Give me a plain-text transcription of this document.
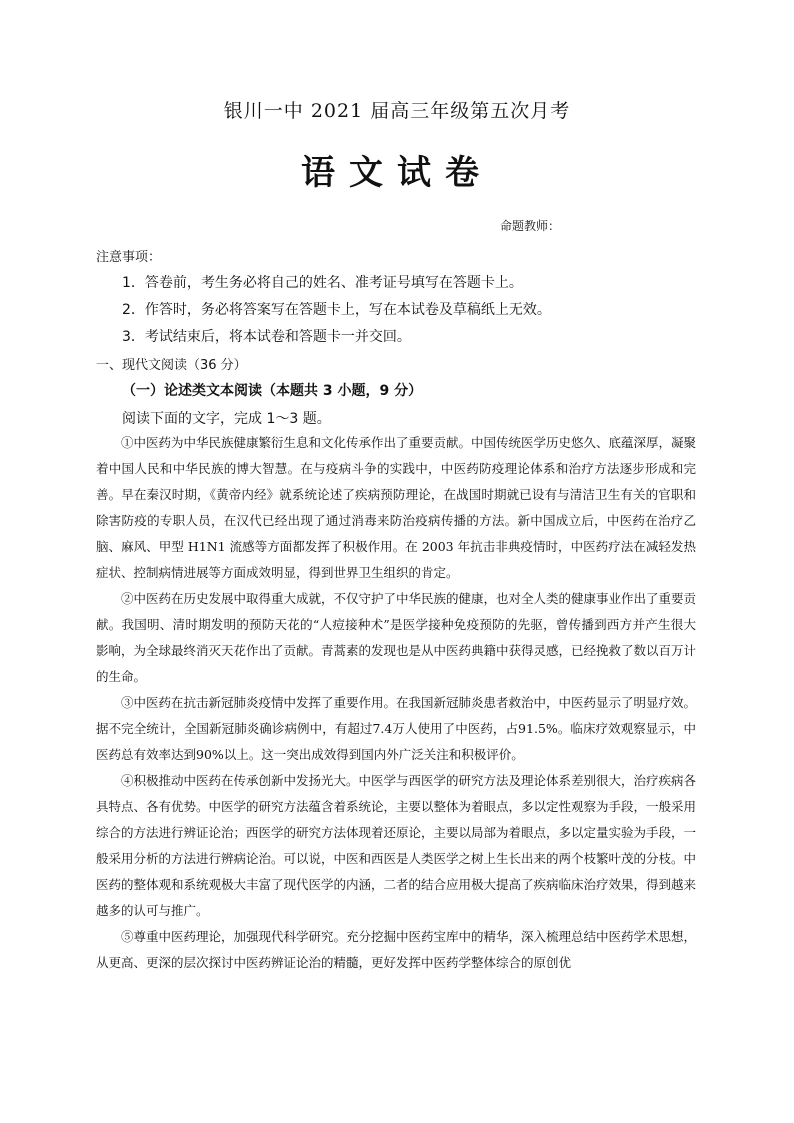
银川一中 2021 届高三年级第五次月考
语文试卷
命题教师：
注意事项：
1．答卷前，考生务必将自己的姓名、准考证号填写在答题卡上。
2．作答时，务必将答案写在答题卡上，写在本试卷及草稿纸上无效。
3．考试结束后，将本试卷和答题卡一并交回。
一、现代文阅读（36 分）
（一）论述类文本阅读（本题共 3 小题，9 分）
阅读下面的文字，完成 1～3 题。

①中医药为中华民族健康繁衍生息和文化传承作出了重要贡献。中国传统医学历史悠久、底蕴深厚，凝聚着中国人民和中华民族的博大智慧。在与疫病斗争的实践中，中医药防疫理论体系和治疗方法逐步形成和完善。早在秦汉时期，《黄帝内经》就系统论述了疾病预防理论，在战国时期就已设有与清洁卫生有关的官职和除害防疫的专职人员，在汉代已经出现了通过消毒来防治疫病传播的方法。新中国成立后，中医药在治疗乙脑、麻风、甲型 H1N1 流感等方面都发挥了积极作用。在 2003 年抗击非典疫情时，中医药疗法在减轻发热症状、控制病情进展等方面成效明显，得到世界卫生组织的肯定。

②中医药在历史发展中取得重大成就，不仅守护了中华民族的健康，也对全人类的健康事业作出了重要贡献。我国明、清时期发明的预防天花的“人痘接种术”是医学接种免疫预防的先驱，曾传播到西方并产生很大影响，为全球最终消灭天花作出了贡献。青蒿素的发现也是从中医药典籍中获得灵感，已经挽救了数以百万计的生命。

③中医药在抗击新冠肺炎疫情中发挥了重要作用。在我国新冠肺炎患者救治中，中医药显示了明显疗效。据不完全统计，全国新冠肺炎确诊病例中，有超过7.4万人使用了中医药，占91.5%。临床疗效观察显示，中医药总有效率达到90%以上。这一突出成效得到国内外广泛关注和积极评价。

④积极推动中医药在传承创新中发扬光大。中医学与西医学的研究方法及理论体系差别很大，治疗疾病各具特点、各有优势。中医学的研究方法蕴含着系统论，主要以整体为着眼点，多以定性观察为手段，一般采用综合的方法进行辨证论治；西医学的研究方法体现着还原论，主要以局部为着眼点，多以定量实验为手段，一般采用分析的方法进行辨病论治。可以说，中医和西医是人类医学之树上生长出来的两个枝繁叶茂的分枝。中医药的整体观和系统观极大丰富了现代医学的内涵，二者的结合应用极大提高了疾病临床治疗效果，得到越来越多的认可与推广。

⑤尊重中医药理论，加强现代科学研究。充分挖掘中医药宝库中的精华，深入梳理总结中医药学术思想，从更高、更深的层次探讨中医药辨证论治的精髓，更好发挥中医药学整体综合的原创优
